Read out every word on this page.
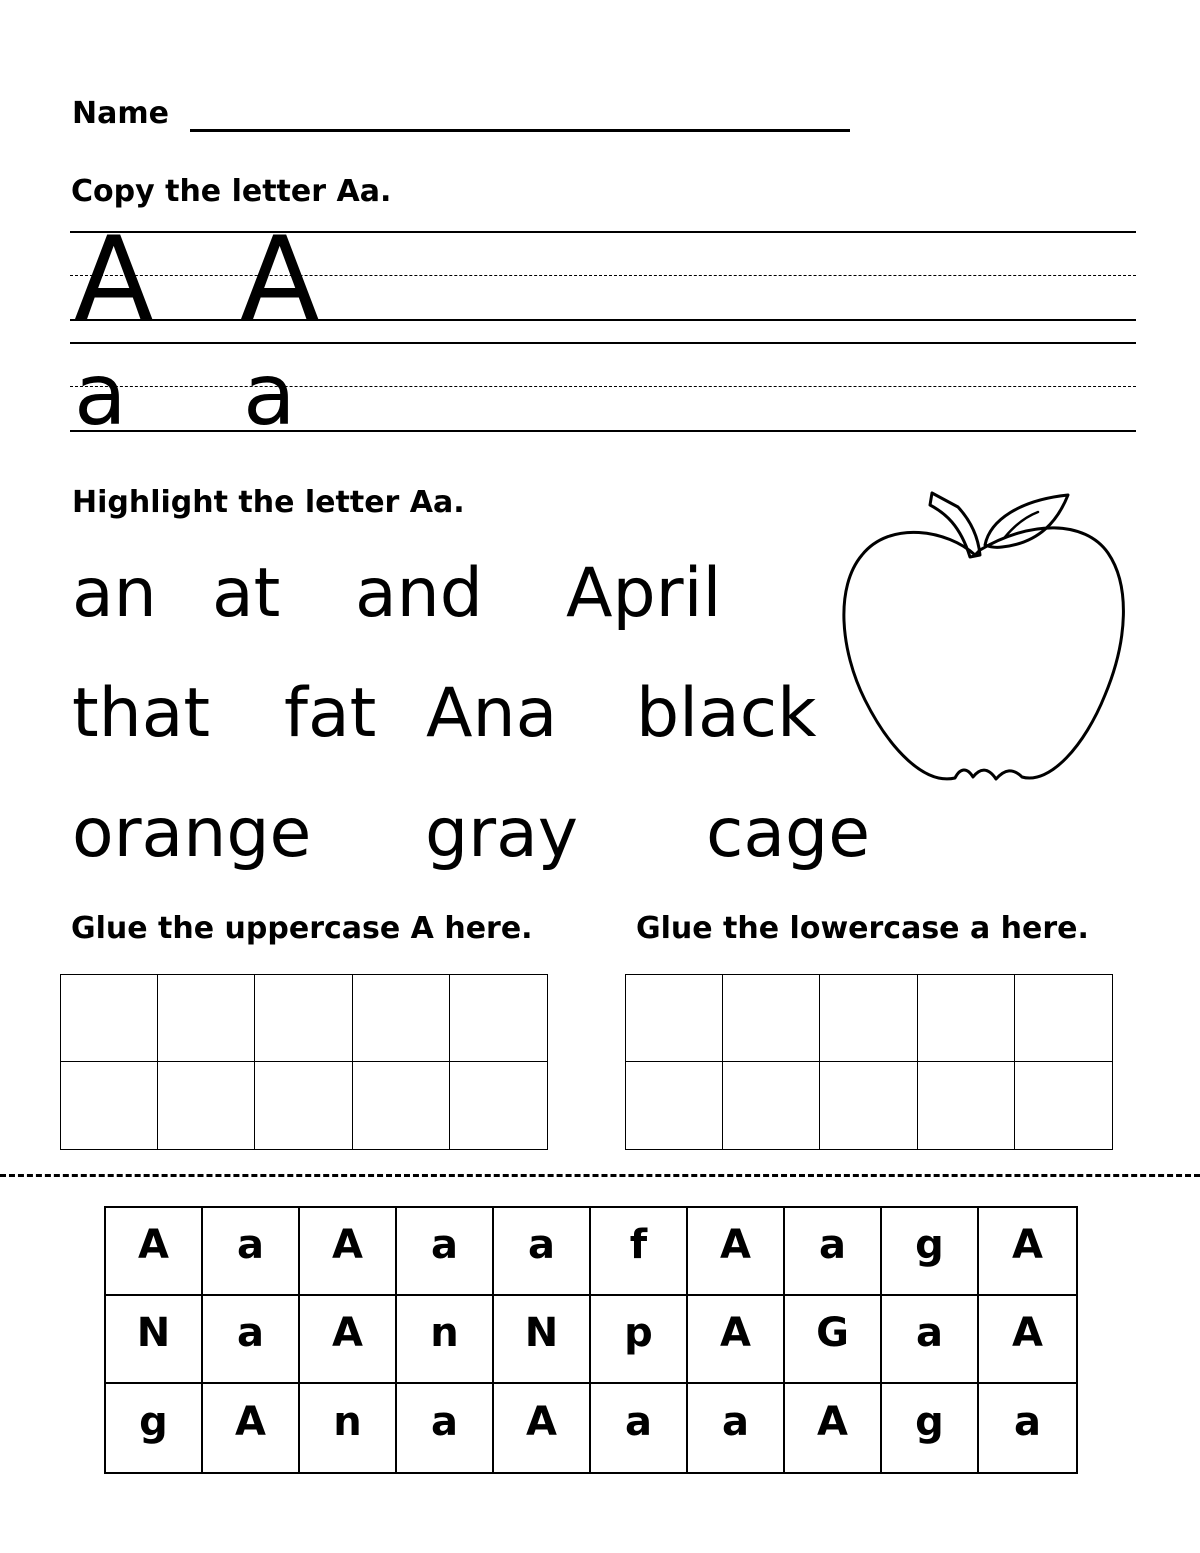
Name
Copy the letter Aa.
A A
a a
Highlight the letter Aa.
an at and April
that fat Ana black
orange gray cage
Glue the uppercase A here.	Glue the lowercase a here.
A	a	A	a	a	f	A	a	g	A
N	a	A	n	N	p	A	G	a	A
g	A	n	a	A	a	a	A	g	a
